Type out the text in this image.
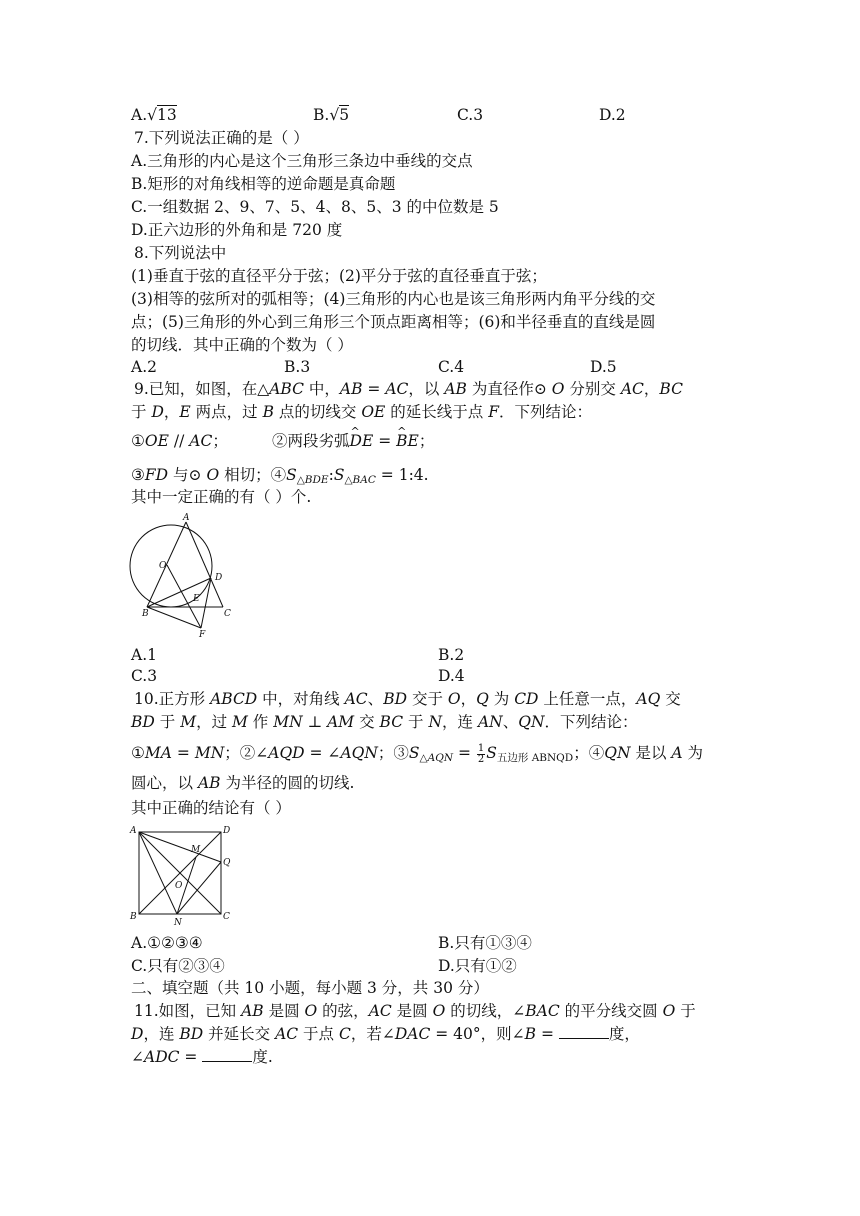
A.√13	B.√5	C.3	D.2
7.下列说法正确的是（ ）
A.三角形的内心是这个三角形三条边中垂线的交点
B.矩形的对角线相等的逆命题是真命题
C.一组数据 2、9、7、5、4、8、5、3 的中位数是 5
D.正六边形的外角和是 720 度
8.下列说法中
(1)垂直于弦的直径平分于弦；(2)平分于弦的直径垂直于弦；
(3)相等的弦所对的弧相等；(4)三角形的内心也是该三角形两内角平分线的交
点；(5)三角形的外心到三角形三个顶点距离相等；(6)和半径垂直的直线是圆
的切线．其中正确的个数为（ ）
A.2	B.3	C.4	D.5
9.已知，如图，在△ABC 中，AB = AC，以 AB 为直径作⊙ O 分别交 AC，BC
于 D，E 两点，过 B 点的切线交 OE 的延长线于点 F．下列结论：
①OE // AC；	②两段劣弧^ DE = ^ BE；
③FD 与⊙ O 相切；$④S_{\triangle BDE}:S_{\triangle BAC}$ = 1:4.
其中一定正确的有（ ）个.
A
O
D
E
B	C
F
A.1	B.2
C.3	D.4
10.正方形 ABCD 中，对角线 AC、BD 交于 O，Q 为 CD 上任意一点，AQ 交
BD 于 M，过 M 作 MN ⊥ AM 交 BC 于 N，连 AN、QN．下列结论：
①MA = MN；②∠AQD = ∠AQN；$③S_{\triangle AQN} = \frac{1}{2} S_{五边形 ABNQD}$；④QN 是以 A 为
圆心，以 AB 为半径的圆的切线.
其中正确的结论有（ ）
A	D
M
Q
O
B
N
C
A.①②③④	B.只有①③④
C.只有②③④	D.只有①②
二、填空题（共 10 小题，每小题 3 分，共 30 分）
11.如图，已知 AB 是圆 O 的弦，AC 是圆 O 的切线，∠BAC 的平分线交圆 O 于
D，连 BD 并延长交 AC 于点 C，若∠DAC = 40°，则∠B =	度，
∠ADC =	度.
